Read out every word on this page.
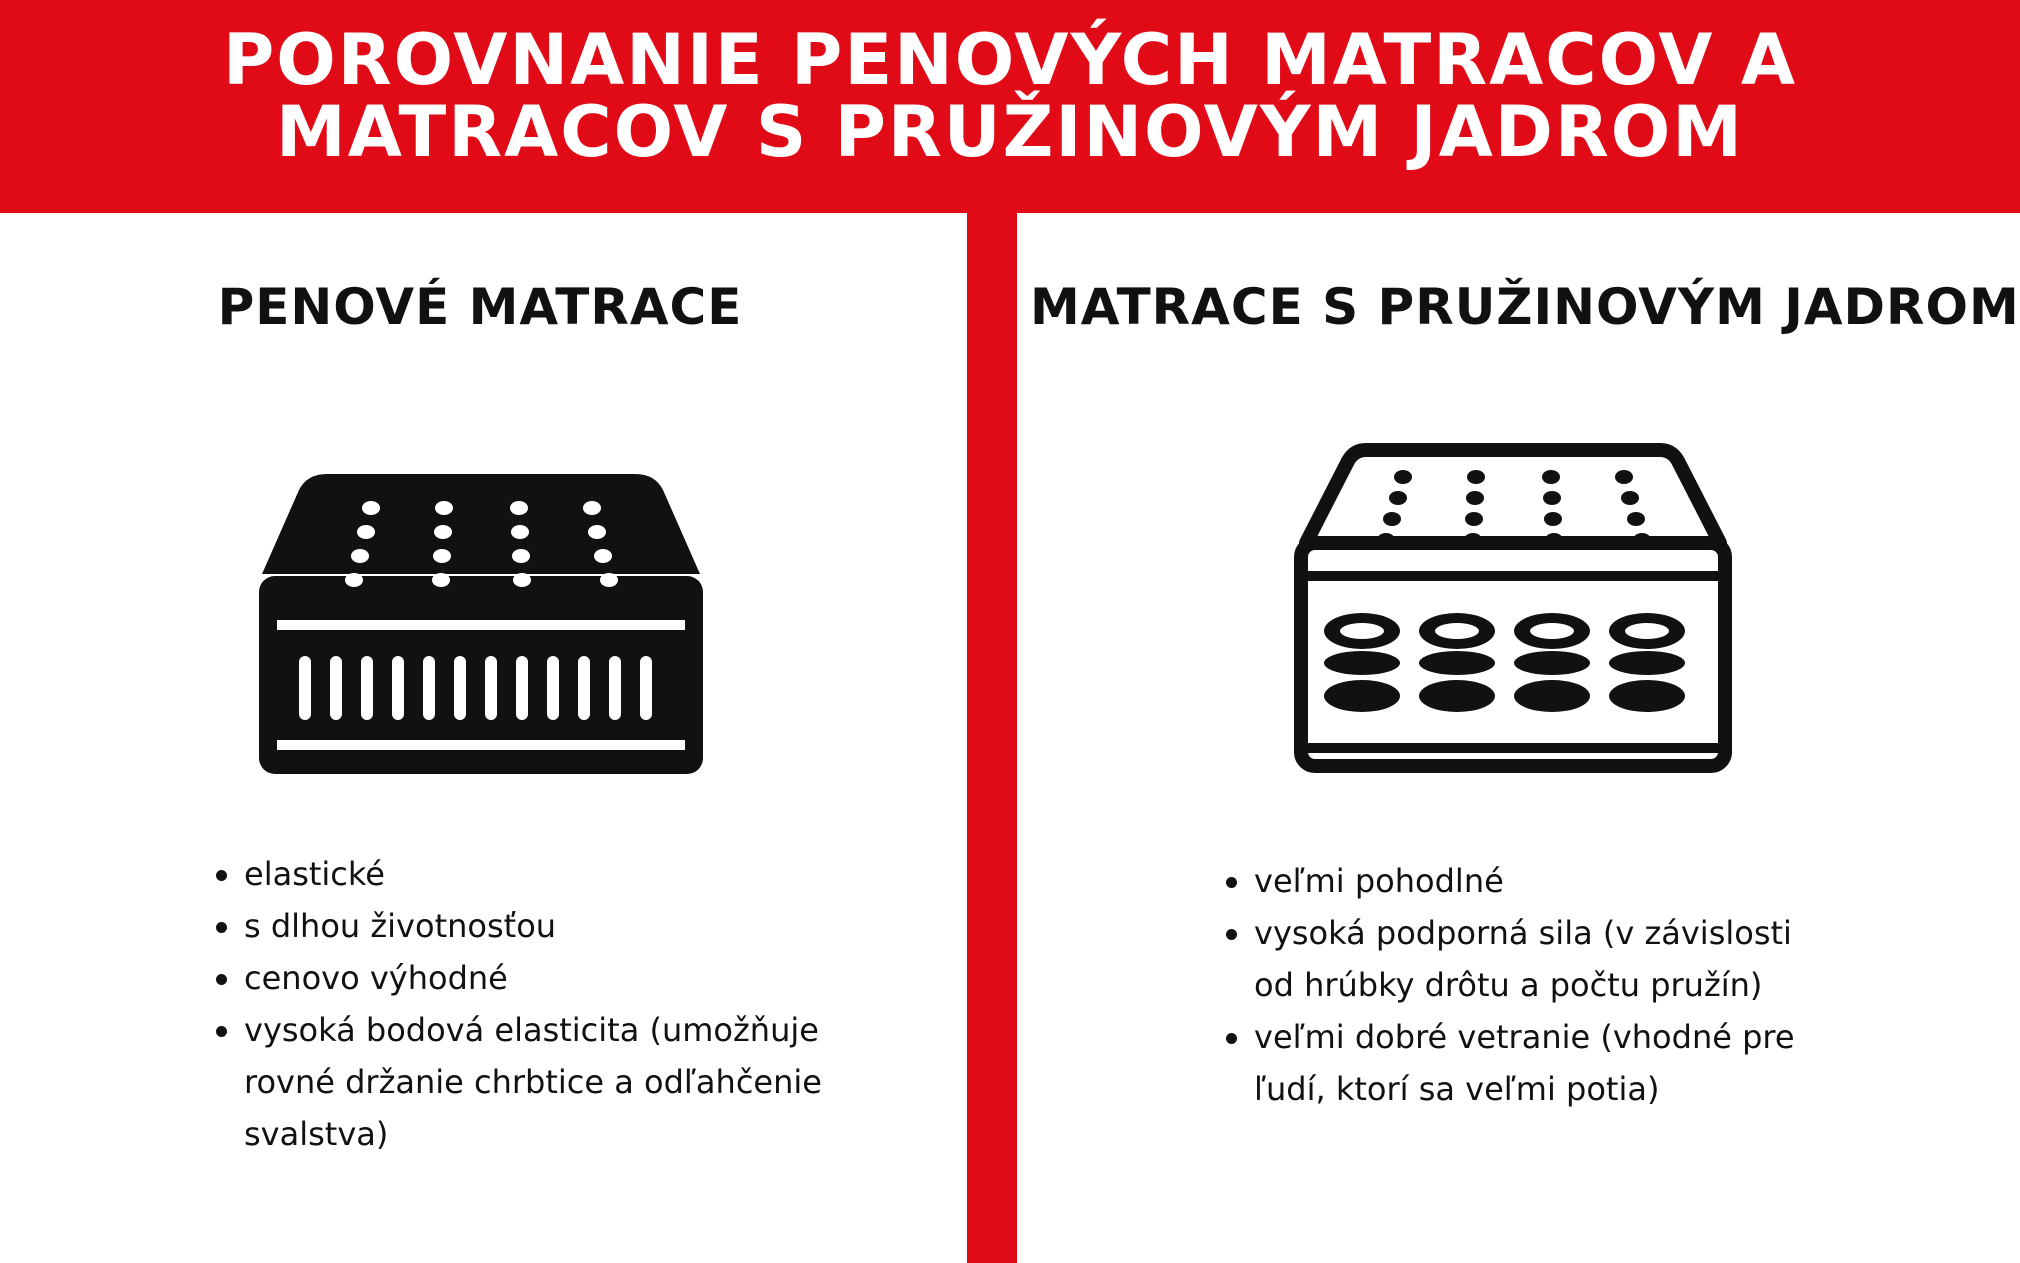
POROVNANIE PENOVÝCH MATRACOV A
MATRACOV S PRUŽINOVÝM JADROM
PENOVÉ MATRACE
elastické
s dlhou životnosťou
cenovo výhodné
vysoká bodová elasticita (umožňuje rovné držanie chrbtice a odľahčenie svalstva)
MATRACE S PRUŽINOVÝM JADROM
veľmi pohodlné
vysoká podporná sila (v závislosti od hrúbky drôtu a počtu pružín)
veľmi dobré vetranie (vhodné pre ľudí, ktorí sa veľmi potia)
